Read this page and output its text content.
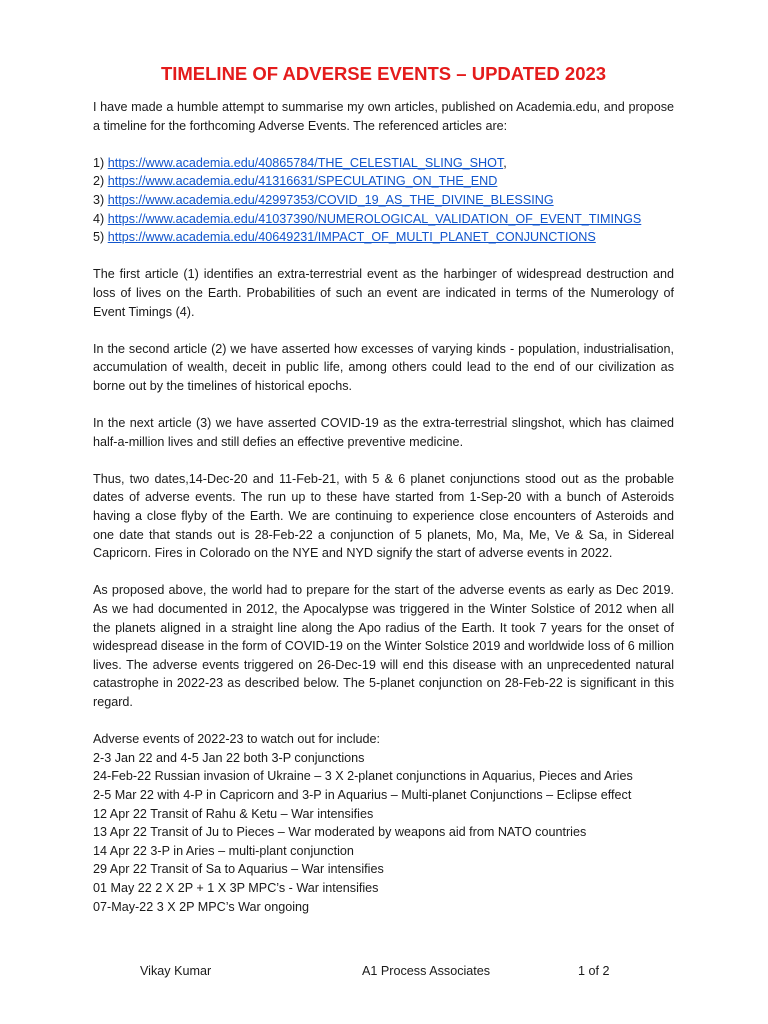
TIMELINE OF ADVERSE EVENTS – UPDATED 2023

I have made a humble attempt to summarise my own articles, published on Academia.edu, and propose a timeline for the forthcoming Adverse Events. The referenced articles are:

1) https://www.academia.edu/40865784/THE_CELESTIAL_SLING_SHOT,
2) https://www.academia.edu/41316631/SPECULATING_ON_THE_END
3) https://www.academia.edu/42997353/COVID_19_AS_THE_DIVINE_BLESSING
4) https://www.academia.edu/41037390/NUMEROLOGICAL_VALIDATION_OF_EVENT_TIMINGS
5) https://www.academia.edu/40649231/IMPACT_OF_MULTI_PLANET_CONJUNCTIONS

The first article (1) identifies an extra-terrestrial event as the harbinger of widespread destruction and loss of lives on the Earth. Probabilities of such an event are indicated in terms of the Numerology of Event Timings (4).

In the second article (2) we have asserted how excesses of varying kinds - population, industrialisation, accumulation of wealth, deceit in public life, among others could lead to the end of our civilization as borne out by the timelines of historical epochs.

In the next article (3) we have asserted COVID-19 as the extra-terrestrial slingshot, which has claimed half-a-million lives and still defies an effective preventive medicine.

Thus, two dates,14-Dec-20 and 11-Feb-21, with 5 & 6 planet conjunctions stood out as the probable dates of adverse events. The run up to these have started from 1-Sep-20 with a bunch of Asteroids having a close flyby of the Earth. We are continuing to experience close encounters of Asteroids and one date that stands out is 28-Feb-22 a conjunction of 5 planets, Mo, Ma, Me, Ve & Sa, in Sidereal Capricorn. Fires in Colorado on the NYE and NYD signify the start of adverse events in 2022.

As proposed above, the world had to prepare for the start of the adverse events as early as Dec 2019. As we had documented in 2012, the Apocalypse was triggered in the Winter Solstice of 2012 when all the planets aligned in a straight line along the Apo radius of the Earth. It took 7 years for the onset of widespread disease in the form of COVID-19 on the Winter Solstice 2019 and worldwide loss of 6 million lives. The adverse events triggered on 26-Dec-19 will end this disease with an unprecedented natural catastrophe in 2022-23 as described below. The 5-planet conjunction on 28-Feb-22 is significant in this regard.

Adverse events of 2022-23 to watch out for include:
2-3 Jan 22 and 4-5 Jan 22 both 3-P conjunctions
24-Feb-22 Russian invasion of Ukraine – 3 X 2-planet conjunctions in Aquarius, Pieces and Aries
2-5 Mar 22 with 4-P in Capricorn and 3-P in Aquarius – Multi-planet Conjunctions – Eclipse effect
12 Apr 22 Transit of Rahu & Ketu – War intensifies
13 Apr 22 Transit of Ju to Pieces – War moderated by weapons aid from NATO countries
14 Apr 22 3-P in Aries – multi-plant conjunction
29 Apr 22 Transit of Sa to Aquarius – War intensifies
01 May 22 2 X 2P + 1 X 3P MPC’s - War intensifies
07-May-22 3 X 2P MPC’s War ongoing
Vikay Kumar	A1 Process Associates	1 of 2
